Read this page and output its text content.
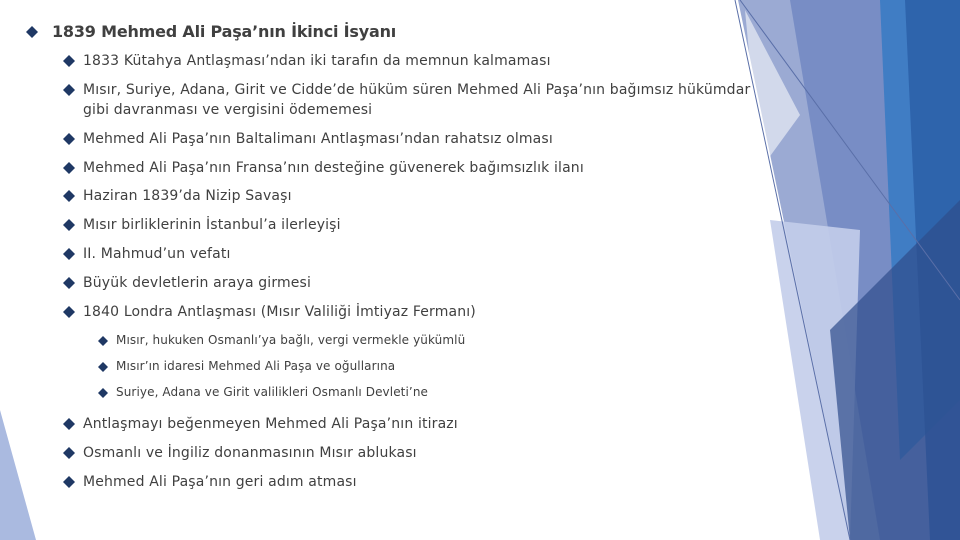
1839 Mehmed Ali Paşa’nın İkinci İsyanı
1833 Kütahya Antlaşması’ndan iki tarafın da memnun kalmaması
Mısır, Suriye, Adana, Girit ve Cidde’de hüküm süren Mehmed Ali Paşa’nın bağımsız hükümdar gibi davranması ve vergisini ödememesi
Mehmed Ali Paşa’nın Baltalimanı Antlaşması’ndan rahatsız olması
Mehmed Ali Paşa’nın Fransa’nın desteğine güvenerek bağımsızlık ilanı
Haziran 1839’da Nizip Savaşı
Mısır birliklerinin İstanbul’a ilerleyişi
II. Mahmud’un vefatı
Büyük devletlerin araya girmesi
1840 Londra Antlaşması (Mısır Valiliği İmtiyaz Fermanı)
Mısır, hukuken Osmanlı’ya bağlı, vergi vermekle yükümlü
Mısır’ın idaresi Mehmed Ali Paşa ve oğullarına
Suriye, Adana ve Girit valilikleri Osmanlı Devleti’ne
Antlaşmayı beğenmeyen Mehmed Ali Paşa’nın itirazı
Osmanlı ve İngiliz donanmasının Mısır ablukası
Mehmed Ali Paşa’nın geri adım atması
